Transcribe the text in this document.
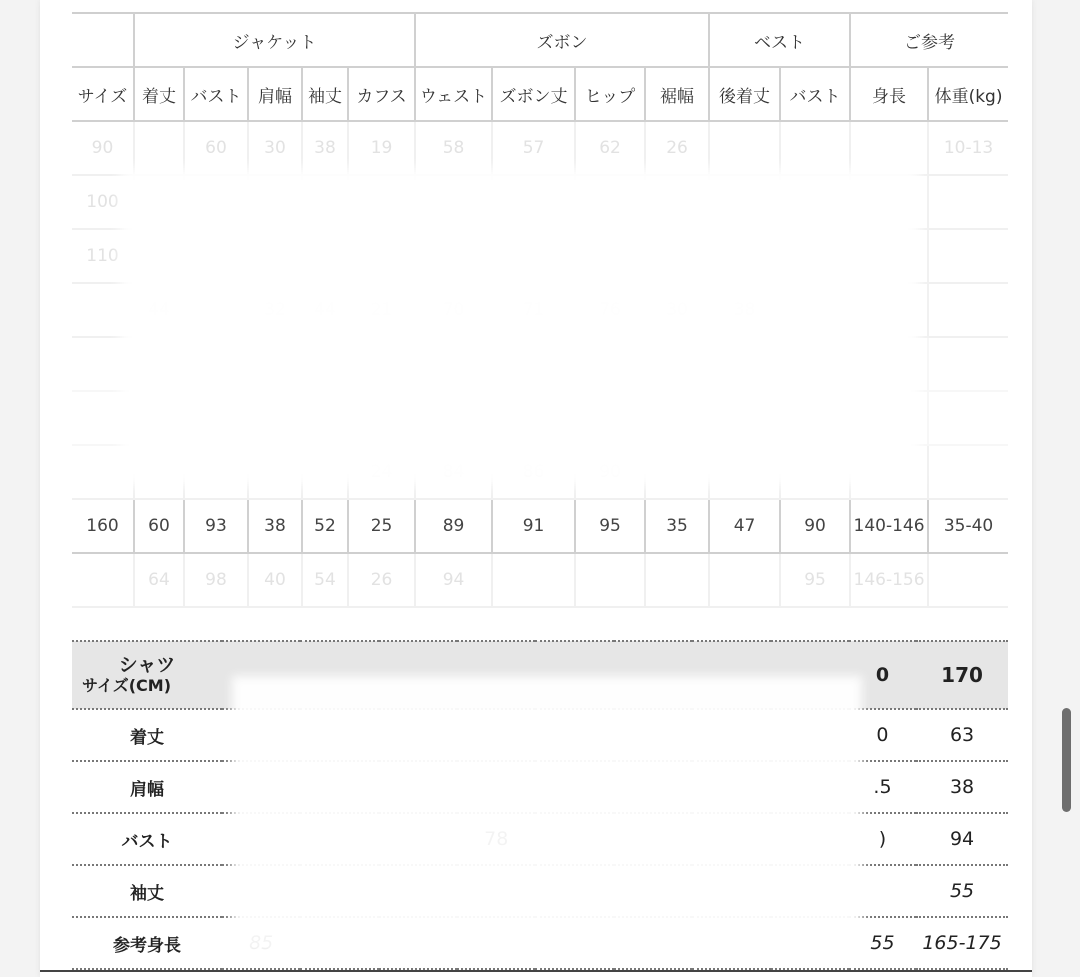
	ジャケット					ズボン				ベスト		ご参考	
サイズ	着丈	バスト	肩幅	袖丈	カフス	ウェスト	ズボン丈	ヒップ	裾幅	後着丈	バスト	身長	体重(kg)
90		60	30	38	19	58	57	62	26				10-13
100													
110													

160	60	93	38	52	25	89	91	95	35	47	90	140-146	35-40
	64	98	40	54	26	94					95	146-156	
シャツ
サイズ(CM)									0	170
着丈									0	63
肩幅									.5	38
バスト									)	94
袖丈										55
参考身長									55	165-175
